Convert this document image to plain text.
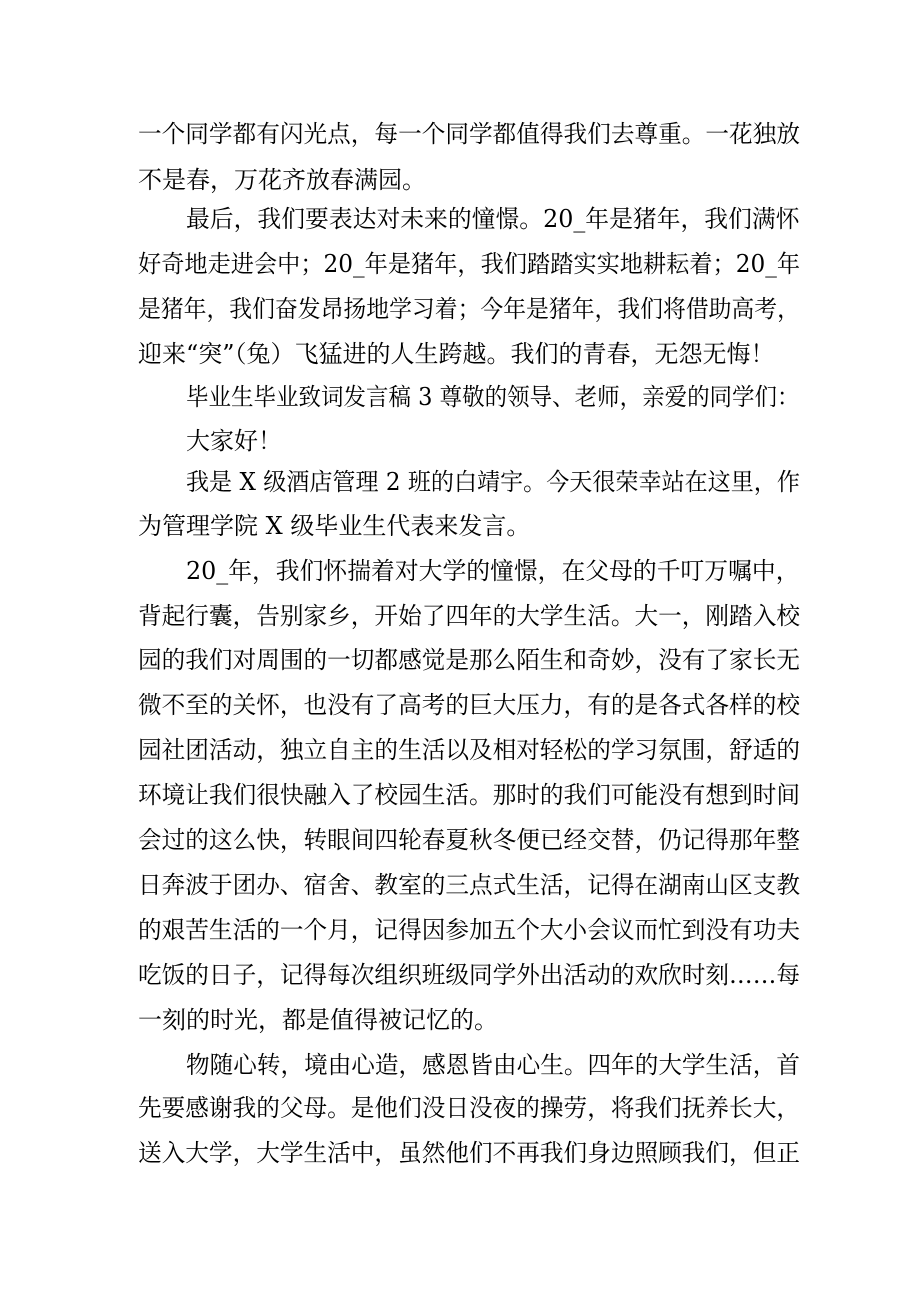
一个同学都有闪光点，每一个同学都值得我们去尊重。一花独放
不是春，万花齐放春满园。
最后，我们要表达对未来的憧憬。20_年是猪年，我们满怀
好奇地走进会中；20_年是猪年，我们踏踏实实地耕耘着；20_年
是猪年，我们奋发昂扬地学习着；今年是猪年，我们将借助高考，
迎来“突”（兔）飞猛进的人生跨越。我们的青春，无怨无悔！
毕业生毕业致词发言稿 3 尊敬的领导、老师，亲爱的同学们：
大家好！
我是 X 级酒店管理 2 班的白靖宇。今天很荣幸站在这里，作
为管理学院 X 级毕业生代表来发言。
20_年，我们怀揣着对大学的憧憬，在父母的千叮万嘱中，
背起行囊，告别家乡，开始了四年的大学生活。大一，刚踏入校
园的我们对周围的一切都感觉是那么陌生和奇妙，没有了家长无
微不至的关怀，也没有了高考的巨大压力，有的是各式各样的校
园社团活动，独立自主的生活以及相对轻松的学习氛围，舒适的
环境让我们很快融入了校园生活。那时的我们可能没有想到时间
会过的这么快，转眼间四轮春夏秋冬便已经交替，仍记得那年整
日奔波于团办、宿舍、教室的三点式生活，记得在湖南山区支教
的艰苦生活的一个月，记得因参加五个大小会议而忙到没有功夫
吃饭的日子，记得每次组织班级同学外出活动的欢欣时刻……每
一刻的时光，都是值得被记忆的。
物随心转，境由心造，感恩皆由心生。四年的大学生活，首
先要感谢我的父母。是他们没日没夜的操劳，将我们抚养长大，
送入大学，大学生活中，虽然他们不再我们身边照顾我们，但正
